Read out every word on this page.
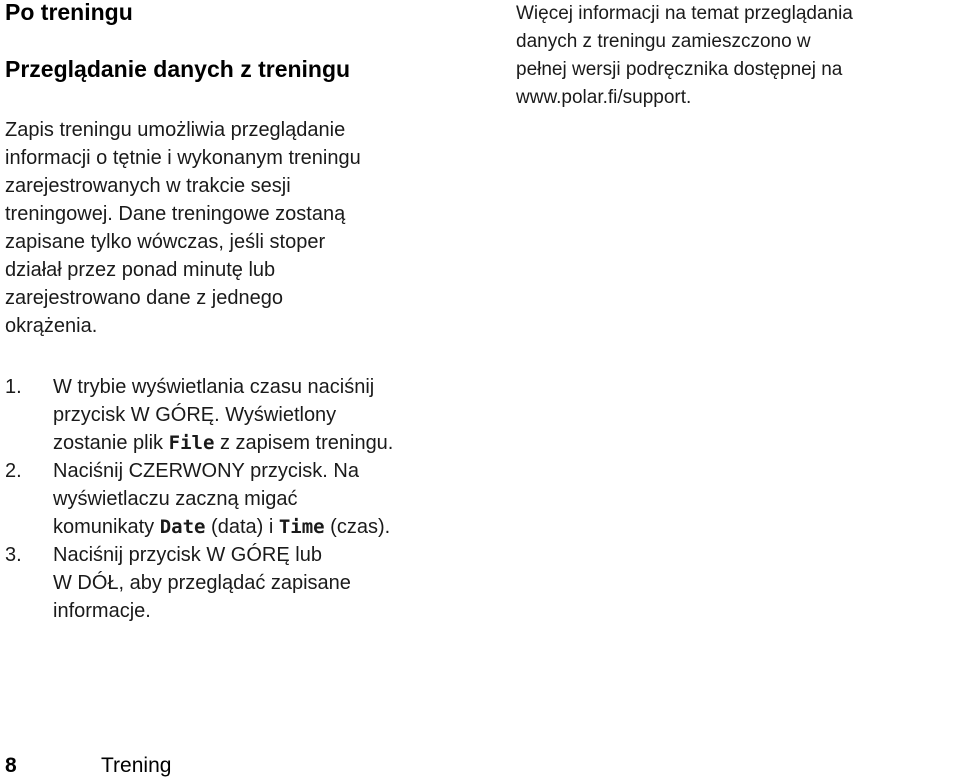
Po treningu
Przeglądanie danych z treningu

Zapis treningu umożliwia przeglądanie
informacji o tętnie i wykonanym treningu
zarejestrowanych w trakcie sesji
treningowej. Dane treningowe zostaną
zapisane tylko wówczas, jeśli stoper
działał przez ponad minutę lub
zarejestrowano dane z jednego
okrążenia.

1.	W trybie wyświetlania czasu naciśnij
przycisk W GÓRĘ. Wyświetlony
zostanie plik File z zapisem treningu.
2.	Naciśnij CZERWONY przycisk. Na
wyświetlaczu zaczną migać
komunikaty Date (data) i Time (czas).
3.	Naciśnij przycisk W GÓRĘ lub
W DÓŁ, aby przeglądać zapisane
informacje.

Więcej informacji na temat przeglądania
danych z treningu zamieszczono w
pełnej wersji podręcznika dostępnej na
www.polar.fi/support.

8	Trening
